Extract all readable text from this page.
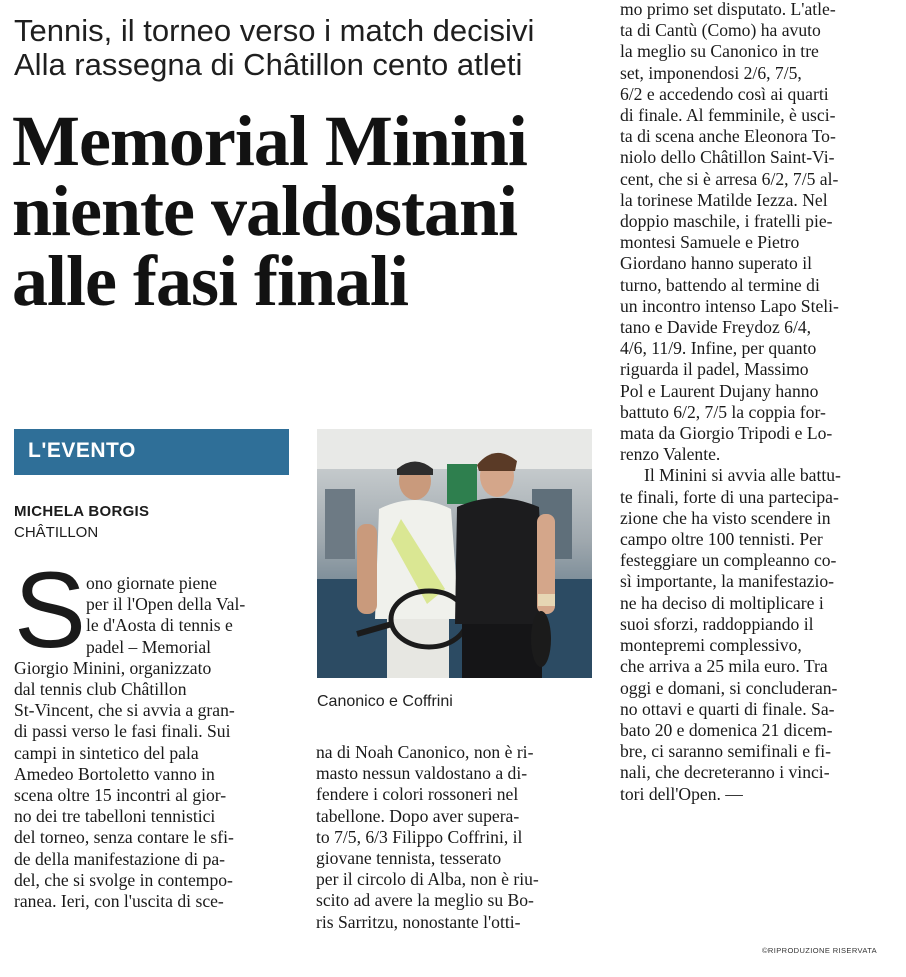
Tennis, il torneo verso i match decisivi
Alla rassegna di Châtillon cento atleti
Memorial Minini
niente valdostani
alle fasi finali
L'EVENTO
MICHELA BORGIS
CHÂTILLON
S ono giornate piene
per il l'Open della Val-
le d'Aosta di tennis e
padel – Memorial
Giorgio Minini, organizzato
dal tennis club Châtillon
St-Vincent, che si avvia a gran-
di passi verso le fasi finali. Sui
campi in sintetico del pala
Amedeo Bortoletto vanno in
scena oltre 15 incontri al gior-
no dei tre tabelloni tennistici
del torneo, senza contare le sfi-
de della manifestazione di pa-
del, che si svolge in contempo-
ranea. Ieri, con l'uscita di sce-
Canonico e Coffrini
na di Noah Canonico, non è ri-
masto nessun valdostano a di-
fendere i colori rossoneri nel
tabellone. Dopo aver supera-
to 7/5, 6/3 Filippo Coffrini, il
giovane tennista, tesserato
per il circolo di Alba, non è riu-
scito ad avere la meglio su Bo-
ris Sarritzu, nonostante l'otti-
mo primo set disputato. L'atle-
ta di Cantù (Como) ha avuto
la meglio su Canonico in tre
set, imponendosi 2/6, 7/5,
6/2 e accedendo così ai quarti
di finale. Al femminile, è usci-
ta di scena anche Eleonora To-
niolo dello Châtillon Saint-Vi-
cent, che si è arresa 6/2, 7/5 al-
la torinese Matilde Iezza. Nel
doppio maschile, i fratelli pie-
montesi Samuele e Pietro
Giordano hanno superato il
turno, battendo al termine di
un incontro intenso Lapo Steli-
tano e Davide Freydoz 6/4,
4/6, 11/9. Infine, per quanto
riguarda il padel, Massimo
Pol e Laurent Dujany hanno
battuto 6/2, 7/5 la coppia for-
mata da Giorgio Tripodi e Lo-
renzo Valente.
Il Minini si avvia alle battu-
te finali, forte di una partecipa-
zione che ha visto scendere in
campo oltre 100 tennisti. Per
festeggiare un compleanno co-
sì importante, la manifestazio-
ne ha deciso di moltiplicare i
suoi sforzi, raddoppiando il
montepremi complessivo,
che arriva a 25 mila euro. Tra
oggi e domani, si concluderan-
no ottavi e quarti di finale. Sa-
bato 20 e domenica 21 dicem-
bre, ci saranno semifinali e fi-
nali, che decreteranno i vinci-
tori dell'Open. —
©RIPRODUZIONE RISERVATA
